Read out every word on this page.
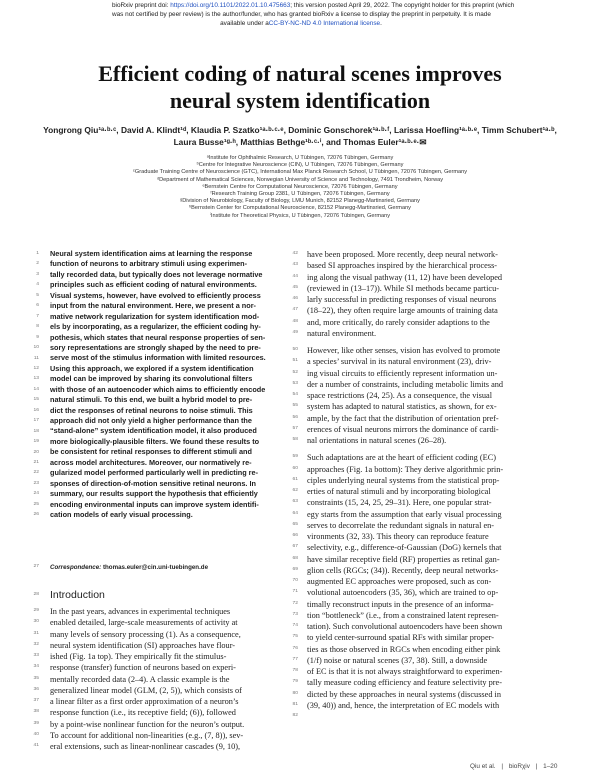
bioRxiv preprint doi: https://doi.org/10.1101/2022.01.10.475663; this version posted April 29, 2022. The copyright holder for this preprint (which
was not certified by peer review) is the author/funder, who has granted bioRxiv a license to display the preprint in perpetuity. It is made
available under aCC-BY-NC-ND 4.0 International license.
Efficient coding of natural scenes improves
neural system identification
Yongrong Qiu¹ᵃ·ᵇ·ᶜ, David A. Klindt¹ᵈ, Klaudia P. Szatko¹ᵃ·ᵇ·ᶜ·ᵉ, Dominic Gonschorek¹ᵃ·ᵇ·ᶠ, Larissa Hoefling¹ᵃ·ᵇ·ᵉ, Timm Schubert¹ᵃ·ᵇ,
Laura Busse¹ᵍ·ʰ, Matthias Bethge¹ᵇ·ᶜ·ⁱ, and Thomas Euler¹ᵃ·ᵇ·ᵉ·✉
ᵃInstitute for Ophthalmic Research, U Tübingen, 72076 Tübingen, Germany
ᵇCentre for Integrative Neuroscience (CIN), U Tübingen, 72076 Tübingen, Germany
ᶜGraduate Training Centre of Neuroscience (GTC), International Max Planck Research School, U Tübingen, 72076 Tübingen, Germany
ᵈDepartment of Mathematical Sciences, Norwegian University of Science and Technology, 7491 Trondheim, Norway
ᵉBernstein Centre for Computational Neuroscience, 72076 Tübingen, Germany
ᶠResearch Training Group 2381, U Tübingen, 72076 Tübingen, Germany
ᵍDivision of Neurobiology, Faculty of Biology, LMU Munich, 82152 Planegg-Martinsried, Germany
ʰBernstein Center for Computational Neuroscience, 82152 Planegg-Martinsried, Germany
ⁱInstitute for Theoretical Physics, U Tübingen, 72076 Tübingen, Germany
1
2
3
4
5
6
7
8
9
10
11
12
13
14
15
16
17
18
19
20
21
22
23
24
25
26
27
28
29
30
31
32
33
34
35
36
37
38
39
40
41
42
43
44
45
46
47
48
49
50
51
52
53
54
55
56
57
58
59
60
61
62
63
64
65
66
67
68
69
70
71
72
73
74
75
76
77
78
79
80
81
82
Neural system identification aims at learning the response
function of neurons to arbitrary stimuli using experimen-
tally recorded data, but typically does not leverage normative
principles such as efficient coding of natural environments.
Visual systems, however, have evolved to efficiently process
input from the natural environment. Here, we present a nor-
mative network regularization for system identification mod-
els by incorporating, as a regularizer, the efficient coding hy-
pothesis, which states that neural response properties of sen-
sory representations are strongly shaped by the need to pre-
serve most of the stimulus information with limited resources.
Using this approach, we explored if a system identification
model can be improved by sharing its convolutional filters
with those of an autoencoder which aims to efficiently encode
natural stimuli. To this end, we built a hybrid model to pre-
dict the responses of retinal neurons to noise stimuli. This
approach did not only yield a higher performance than the
“stand-alone” system identification model, it also produced
more biologically-plausible filters. We found these results to
be consistent for retinal responses to different stimuli and
across model architectures. Moreover, our normatively re-
gularized model performed particularly well in predicting re-
sponses of direction-of-motion sensitive retinal neurons. In
summary, our results support the hypothesis that efficiently
encoding environmental inputs can improve system identifi-
cation models of early visual processing.
Correspondence: thomas.euler@cin.uni-tuebingen.de
Introduction
In the past years, advances in experimental techniques
enabled detailed, large-scale measurements of activity at
many levels of sensory processing (1). As a consequence,
neural system identification (SI) approaches have flour-
ished (Fig. 1a top). They empirically fit the stimulus-
response (transfer) function of neurons based on experi-
mentally recorded data (2–4). A classic example is the
generalized linear model (GLM, (2, 5)), which consists of
a linear filter as a first order approximation of a neuron’s
response function (i.e., its receptive field; (6)), followed
by a point-wise nonlinear function for the neuron’s output.
To account for additional non-linearities (e.g., (7, 8)), sev-
eral extensions, such as linear-nonlinear cascades (9, 10),

have been proposed. More recently, deep neural network-
based SI approaches inspired by the hierarchical process-
ing along the visual pathway (11, 12) have been developed
(reviewed in (13–17)). While SI methods became particu-
larly successful in predicting responses of visual neurons
(18–22), they often require large amounts of training data
and, more critically, do rarely consider adaptions to the
natural environment.

However, like other senses, vision has evolved to promote
a species’ survival in its natural environment (23), driv-
ing visual circuits to efficiently represent information un-
der a number of constraints, including metabolic limits and
space restrictions (24, 25). As a consequence, the visual
system has adapted to natural statistics, as shown, for ex-
ample, by the fact that the distribution of orientation pref-
erences of visual neurons mirrors the dominance of cardi-
nal orientations in natural scenes (26–28).

Such adaptations are at the heart of efficient coding (EC)
approaches (Fig. 1a bottom): They derive algorithmic prin-
ciples underlying neural systems from the statistical prop-
erties of natural stimuli and by incorporating biological
constraints (15, 24, 25, 29–31). Here, one popular strat-
egy starts from the assumption that early visual processing
serves to decorrelate the redundant signals in natural en-
vironments (32, 33). This theory can reproduce feature
selectivity, e.g., difference-of-Gaussian (DoG) kernels that
have similar receptive field (RF) properties as retinal gan-
glion cells (RGCs; (34)). Recently, deep neural networks-
augmented EC approaches were proposed, such as con-
volutional autoencoders (35, 36), which are trained to op-
timally reconstruct inputs in the presence of an informa-
tion “bottleneck” (i.e., from a constrained latent represen-
tation). Such convolutional autoencoders have been shown
to yield center-surround spatial RFs with similar proper-
ties as those observed in RGCs when encoding either pink
(1/f) noise or natural scenes (37, 38). Still, a downside
of EC is that it is not always straightforward to experimen-
tally measure coding efficiency and feature selectivity pre-
dicted by these approaches in neural systems (discussed in
(39, 40)) and, hence, the interpretation of EC models with

Qiu et al. | bioRχiv | 1–20
